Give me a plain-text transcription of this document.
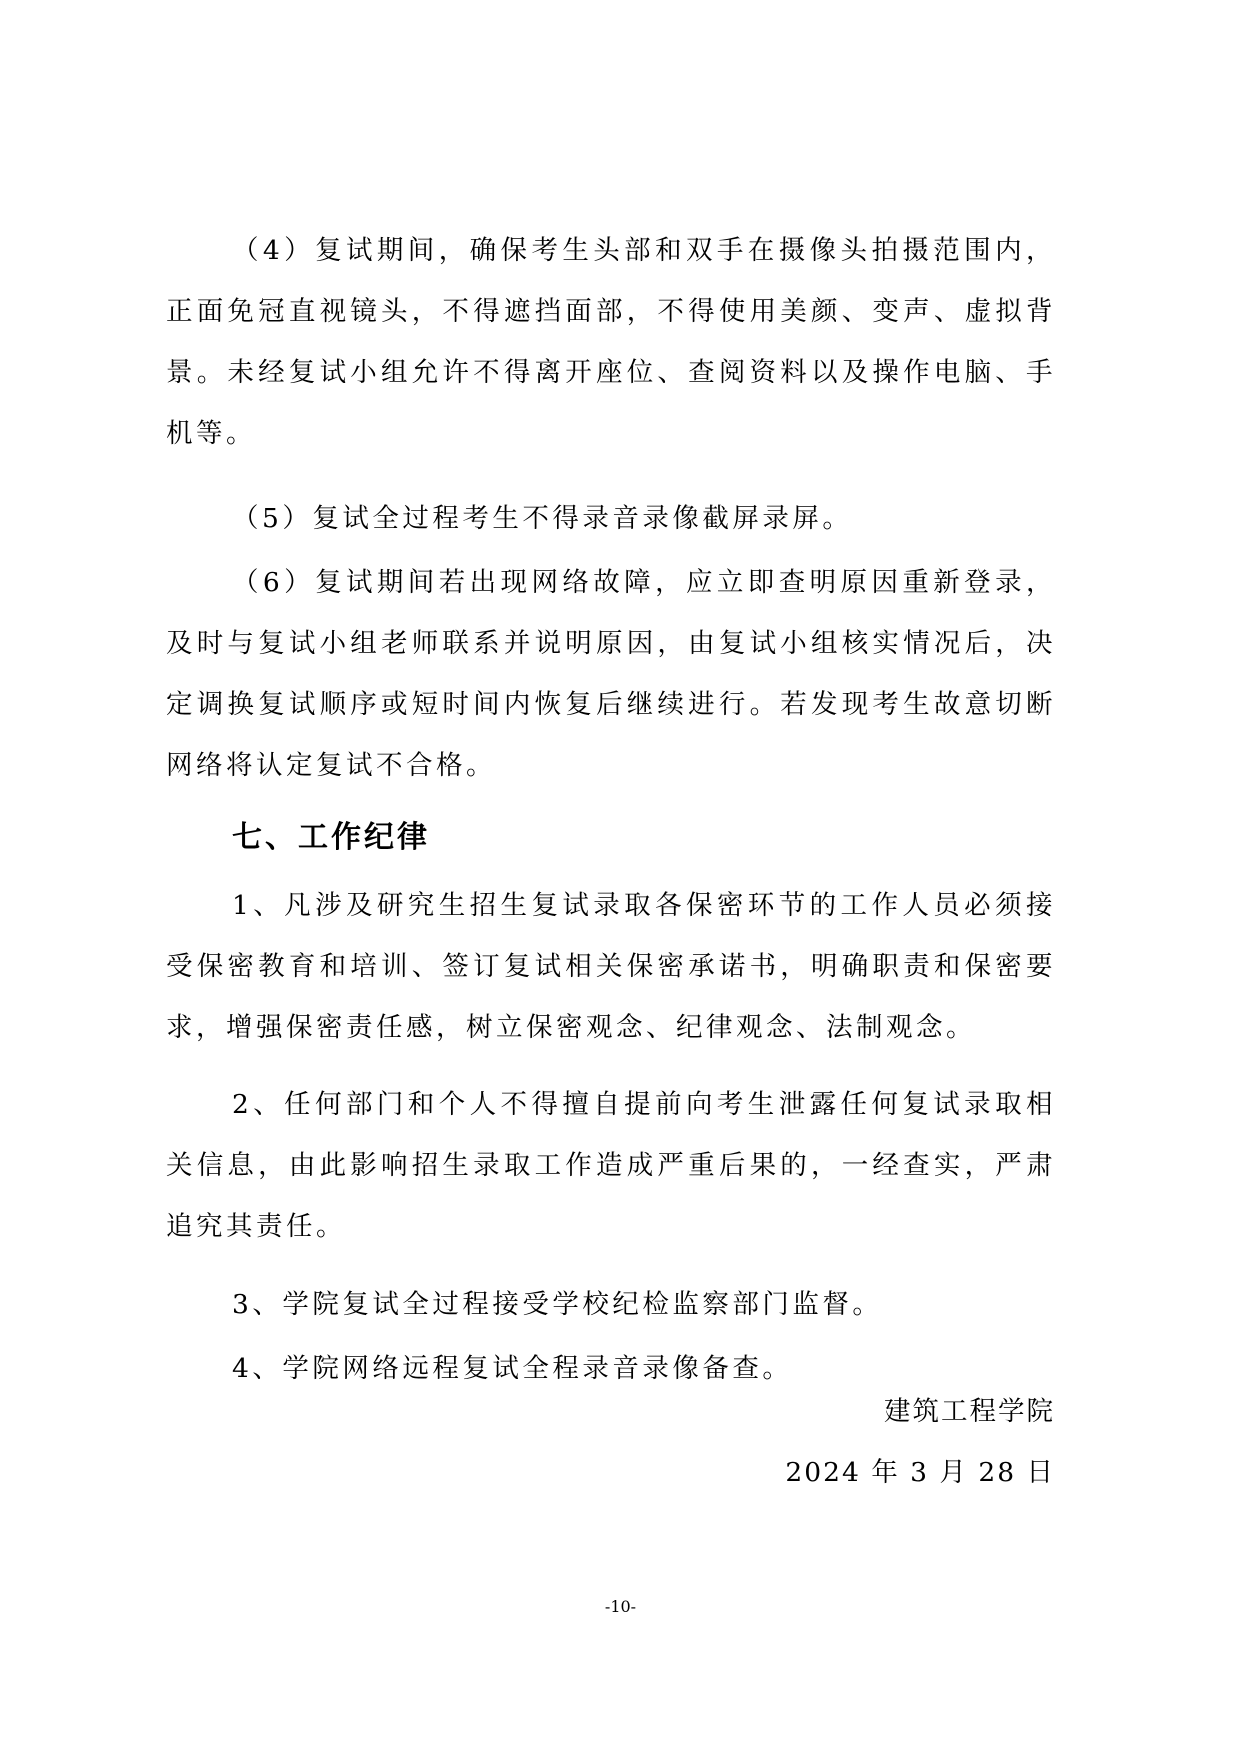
（4）复试期间，确保考生头部和双手在摄像头拍摄范围内，正面免冠直视镜头，不得遮挡面部，不得使用美颜、变声、虚拟背景。未经复试小组允许不得离开座位、查阅资料以及操作电脑、手机等。

（5）复试全过程考生不得录音录像截屏录屏。

（6）复试期间若出现网络故障，应立即查明原因重新登录，及时与复试小组老师联系并说明原因，由复试小组核实情况后，决定调换复试顺序或短时间内恢复后继续进行。若发现考生故意切断网络将认定复试不合格。

七、工作纪律

1、凡涉及研究生招生复试录取各保密环节的工作人员必须接受保密教育和培训、签订复试相关保密承诺书，明确职责和保密要求，增强保密责任感，树立保密观念、纪律观念、法制观念。

2、任何部门和个人不得擅自提前向考生泄露任何复试录取相关信息，由此影响招生录取工作造成严重后果的，一经查实，严肃追究其责任。

3、学院复试全过程接受学校纪检监察部门监督。

4、学院网络远程复试全程录音录像备查。

建筑工程学院

2024 年 3 月 28 日

-10-
